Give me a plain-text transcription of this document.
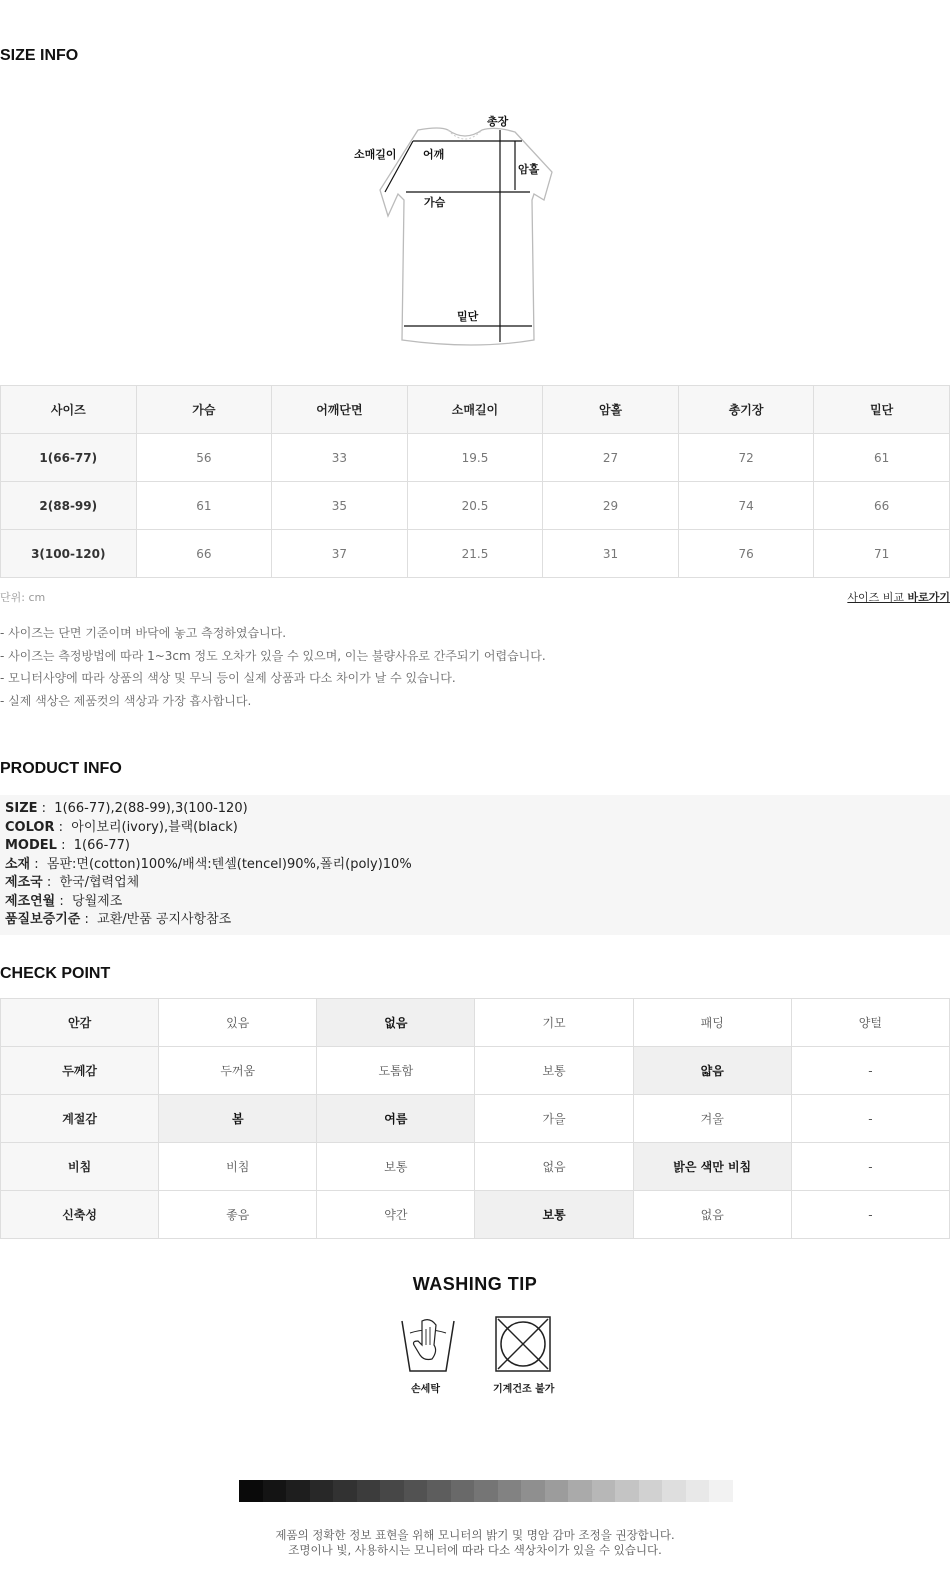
SIZE INFO
총장
소매길이 어깨
암홀
가슴
밑단
사이즈	가슴	어깨단면	소매길이	암홀	총기장	밑단
1(66-77)	56	33	19.5	27	72	61
2(88-99)	61	35	20.5	29	74	66
3(100-120)	66	37	21.5	31	76	71
단위: cm	사이즈 비교 바로가기
- 사이즈는 단면 기준이며 바닥에 놓고 측정하였습니다.
- 사이즈는 측정방법에 따라 1~3cm 정도 오차가 있을 수 있으며, 이는 불량사유로 간주되기 어렵습니다.
- 모니터사양에 따라 상품의 색상 및 무늬 등이 실제 상품과 다소 차이가 날 수 있습니다.
- 실제 색상은 제품컷의 색상과 가장 흡사합니다.
PRODUCT INFO
SIZE :  1(66-77),2(88-99),3(100-120)
COLOR :  아이보리(ivory),블랙(black)
MODEL :  1(66-77)
소재 :  몸판:면(cotton)100%/배색:텐셀(tencel)90%,폴리(poly)10%
제조국 :  한국/협력업체
제조연월 :  당월제조
품질보증기준 :  교환/반품 공지사항참조
CHECK POINT
안감	있음	없음	기모	패딩	양털
두께감	두꺼움	도톰함	보통	얇음	-
계절감	봄	여름	가을	겨울	-
비침	비침	보통	없음	밝은 색만 비침	-
신축성	좋음	약간	보통	없음	-
WASHING TIP
손세탁	기계건조 불가
제품의 정확한 정보 표현을 위해 모니터의 밝기 및 명암 감마 조정을 권장합니다.
조명이나 빛, 사용하시는 모니터에 따라 다소 색상차이가 있을 수 있습니다.
